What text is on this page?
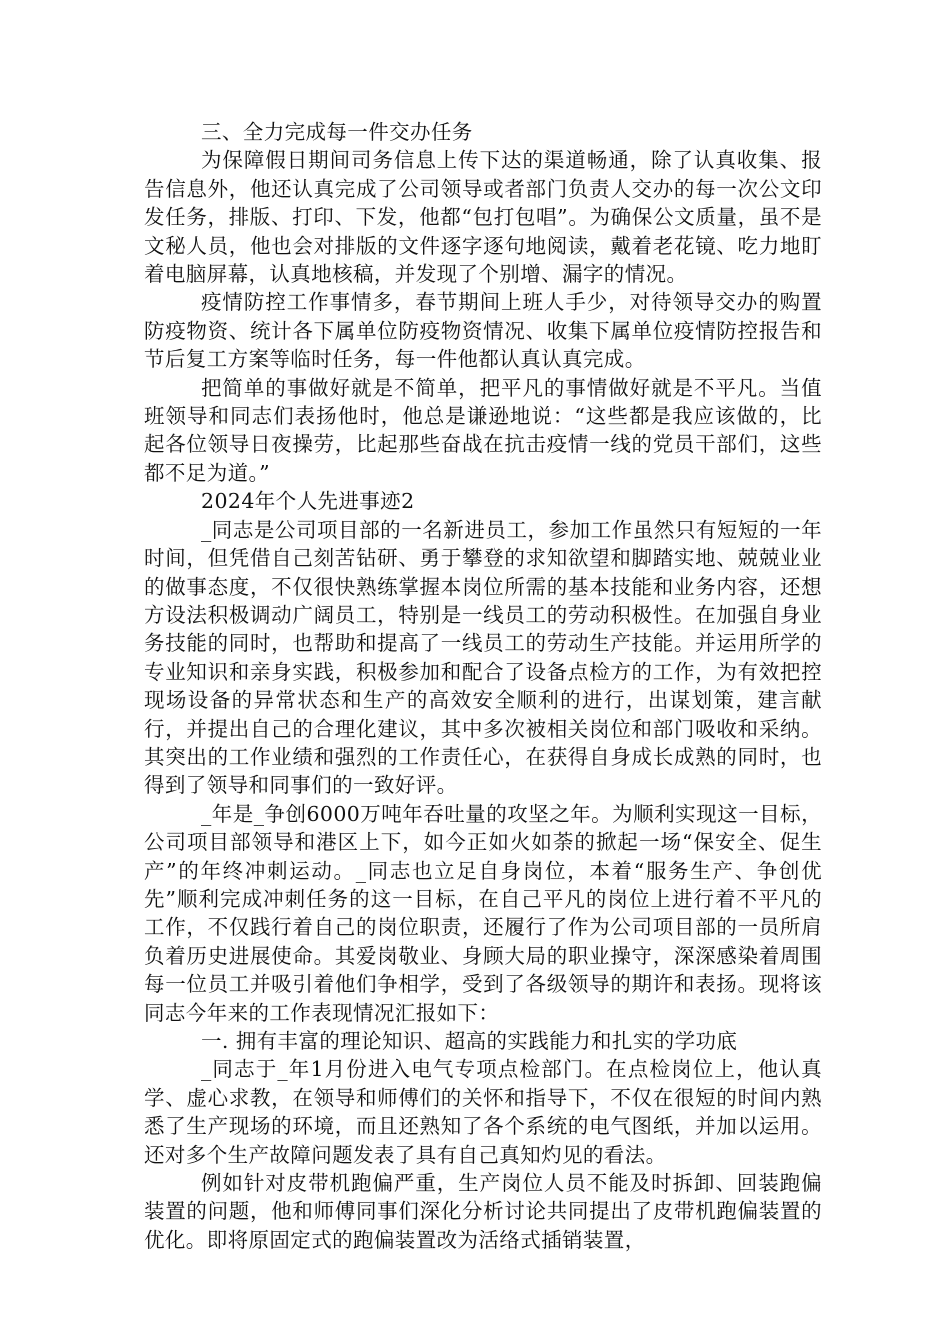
三、全力完成每一件交办任务

为保障假日期间司务信息上传下达的渠道畅通，除了认真收集、报告信息外，他还认真完成了公司领导或者部门负责人交办的每一次公文印发任务，排版、打印、下发，他都“包打包唱”。为确保公文质量，虽不是文秘人员，他也会对排版的文件逐字逐句地阅读，戴着老花镜、吃力地盯着电脑屏幕，认真地核稿，并发现了个别增、漏字的情况。

疫情防控工作事情多，春节期间上班人手少，对待领导交办的购置防疫物资、统计各下属单位防疫物资情况、收集下属单位疫情防控报告和节后复工方案等临时任务，每一件他都认真认真完成。

把简单的事做好就是不简单，把平凡的事情做好就是不平凡。当值班领导和同志们表扬他时，他总是谦逊地说：“这些都是我应该做的，比起各位领导日夜操劳，比起那些奋战在抗击疫情一线的党员干部们，这些都不足为道。”

2024年个人先进事迹2

_同志是公司项目部的一名新进员工，参加工作虽然只有短短的一年时间，但凭借自己刻苦钻研、勇于攀登的求知欲望和脚踏实地、兢兢业业的做事态度，不仅很快熟练掌握本岗位所需的基本技能和业务内容，还想方设法积极调动广阔员工，特别是一线员工的劳动积极性。在加强自身业务技能的同时，也帮助和提高了一线员工的劳动生产技能。并运用所学的专业知识和亲身实践，积极参加和配合了设备点检方的工作，为有效把控现场设备的异常状态和生产的高效安全顺利的进行，出谋划策，建言献行，并提出自己的合理化建议，其中多次被相关岗位和部门吸收和采纳。其突出的工作业绩和强烈的工作责任心，在获得自身成长成熟的同时，也得到了领导和同事们的一致好评。

_年是_争创6000万吨年吞吐量的攻坚之年。为顺利实现这一目标，公司项目部领导和港区上下，如今正如火如荼的掀起一场“保安全、促生产”的年终冲刺运动。_同志也立足自身岗位，本着“服务生产、争创优先”顺利完成冲刺任务的这一目标，在自己平凡的岗位上进行着不平凡的工作，不仅践行着自己的岗位职责，还履行了作为公司项目部的一员所肩负着历史进展使命。其爱岗敬业、身顾大局的职业操守，深深感染着周围每一位员工并吸引着他们争相学，受到了各级领导的期许和表扬。现将该同志今年来的工作表现情况汇报如下：

一. 拥有丰富的理论知识、超高的实践能力和扎实的学功底

_同志于_年1月份进入电气专项点检部门。在点检岗位上，他认真学、虚心求教，在领导和师傅们的关怀和指导下，不仅在很短的时间内熟悉了生产现场的环境，而且还熟知了各个系统的电气图纸，并加以运用。还对多个生产故障问题发表了具有自己真知灼见的看法。

例如针对皮带机跑偏严重，生产岗位人员不能及时拆卸、回装跑偏装置的问题，他和师傅同事们深化分析讨论共同提出了皮带机跑偏装置的优化。即将原固定式的跑偏装置改为活络式插销装置，
